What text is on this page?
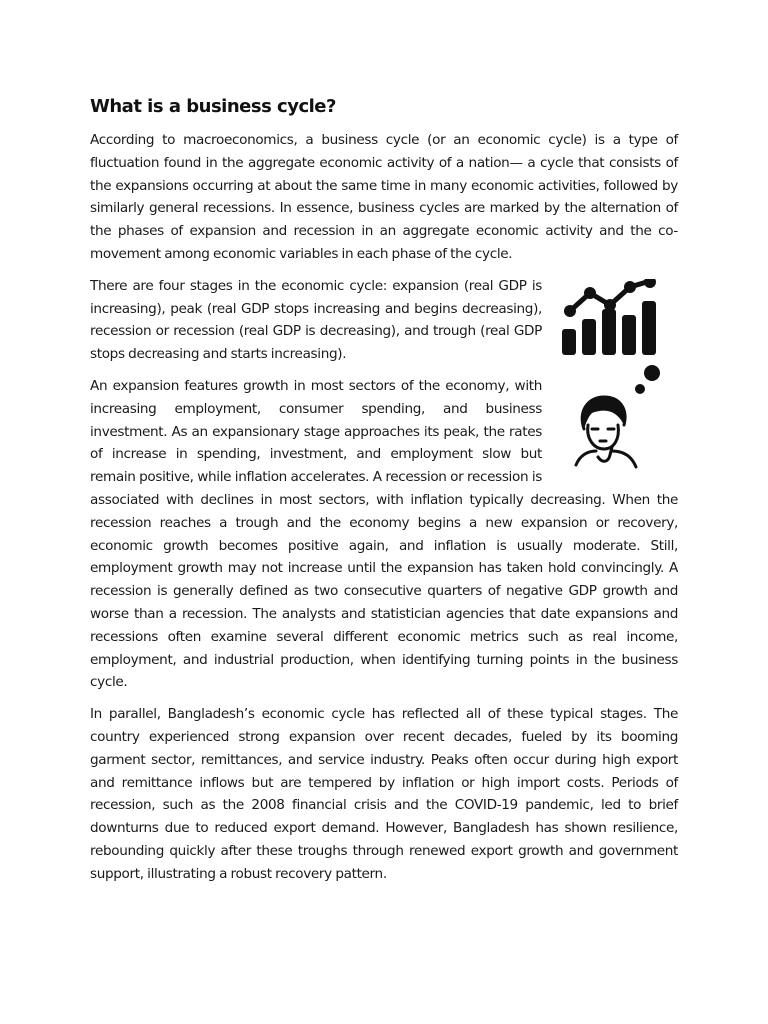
What is a business cycle?

According to macroeconomics, a business cycle (or an economic cycle) is a type of fluctuation found in the aggregate economic activity of a nation— a cycle that consists of the expansions occurring at about the same time in many economic activities, followed by similarly general recessions. In essence, business cycles are marked by the alternation of the phases of expansion and recession in an aggregate economic activity and the co-movement among economic variables in each phase of the cycle.

There are four stages in the economic cycle: expansion (real GDP is increasing), peak (real GDP stops increasing and begins decreasing), recession or recession (real GDP is decreasing), and trough (real GDP stops decreasing and starts increasing).

An expansion features growth in most sectors of the economy, with increasing employment, consumer spending, and business investment. As an expansionary stage approaches its peak, the rates of increase in spending, investment, and employment slow but remain positive, while inflation accelerates. A recession or recession is associated with declines in most sectors, with inflation typically decreasing. When the recession reaches a trough and the economy begins a new expansion or recovery, economic growth becomes positive again, and inflation is usually moderate. Still, employment growth may not increase until the expansion has taken hold convincingly. A recession is generally defined as two consecutive quarters of negative GDP growth and worse than a recession. The analysts and statistician agencies that date expansions and recessions often examine several different economic metrics such as real income, employment, and industrial production, when identifying turning points in the business cycle.

In parallel, Bangladesh’s economic cycle has reflected all of these typical stages. The country experienced strong expansion over recent decades, fueled by its booming garment sector, remittances, and service industry. Peaks often occur during high export and remittance inflows but are tempered by inflation or high import costs. Periods of recession, such as the 2008 financial crisis and the COVID-19 pandemic, led to brief downturns due to reduced export demand. However, Bangladesh has shown resilience, rebounding quickly after these troughs through renewed export growth and government support, illustrating a robust recovery pattern.
